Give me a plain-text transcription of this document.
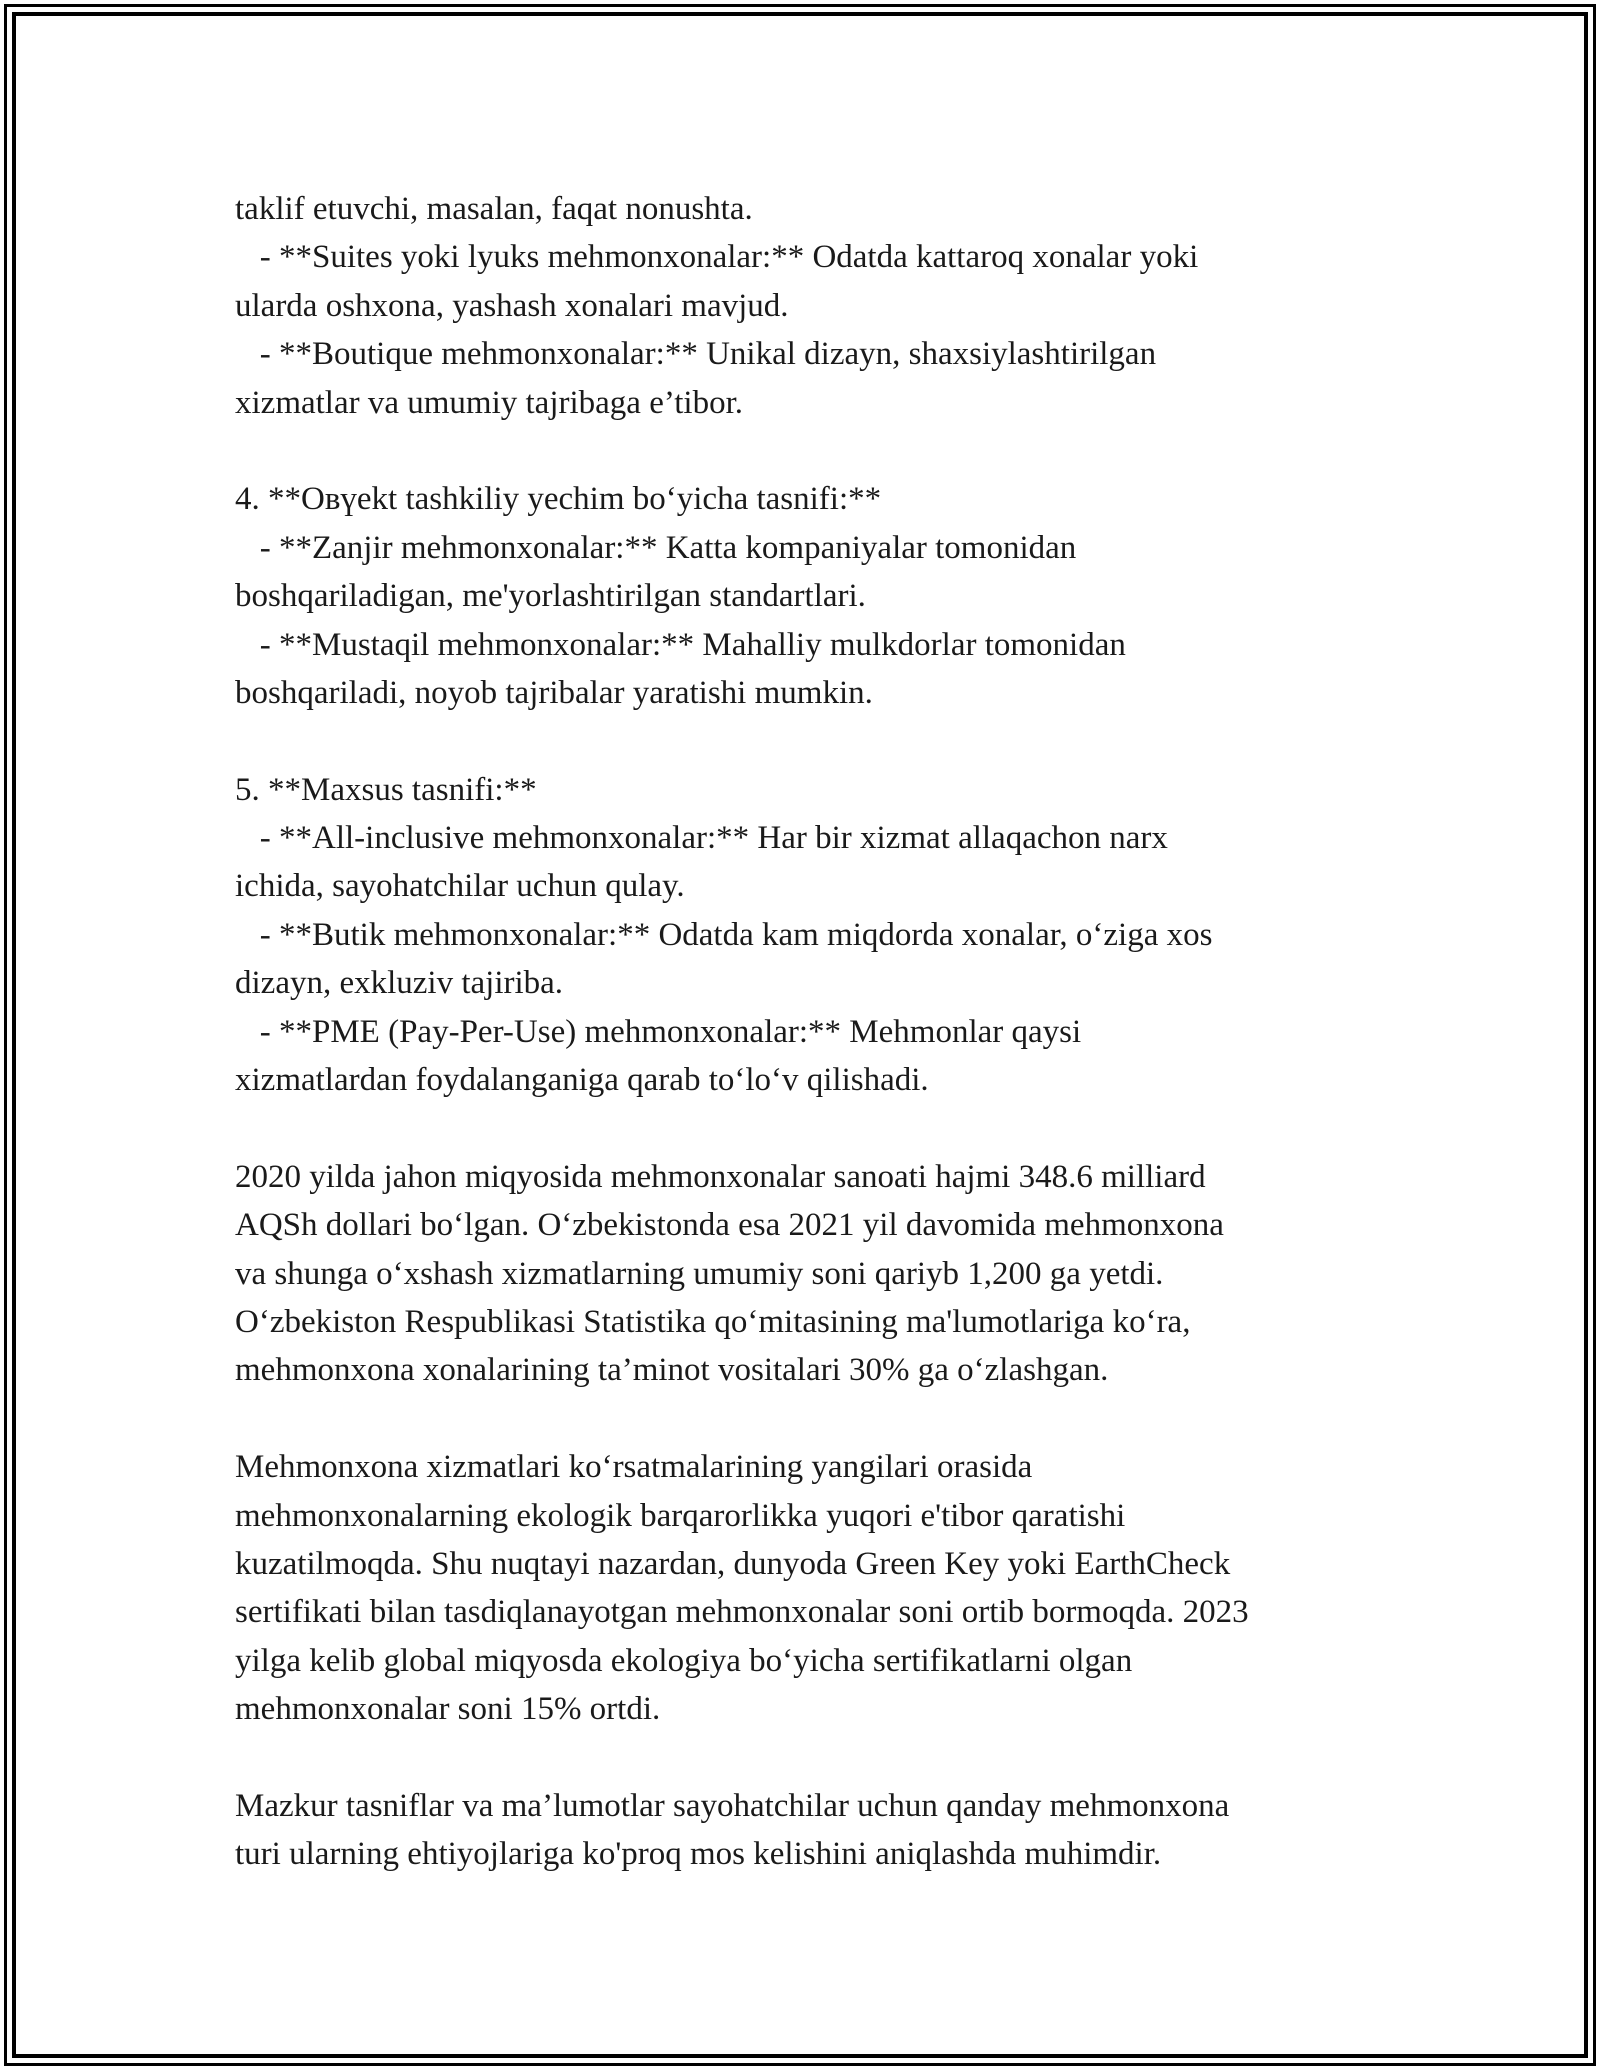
taklif etuvchi, masalan, faqat nonushta.
- **Suites yoki lyuks mehmonxonalar:** Odatda kattaroq xonalar yoki
ularda oshxona, yashash xonalari mavjud.
- **Boutique mehmonxonalar:** Unikal dizayn, shaxsiylashtirilgan
xizmatlar va umumiy tajribaga e’tibor.
4. **Овүekt tashkiliy yechim bo‘yicha tasnifi:**
- **Zanjir mehmonxonalar:** Katta kompaniyalar tomonidan
boshqariladigan, me'yorlashtirilgan standartlari.
- **Mustaqil mehmonxonalar:** Mahalliy mulkdorlar tomonidan
boshqariladi, noyob tajribalar yaratishi mumkin.
5. **Maxsus tasnifi:**
- **All-inclusive mehmonxonalar:** Har bir xizmat allaqachon narx
ichida, sayohatchilar uchun qulay.
- **Butik mehmonxonalar:** Odatda kam miqdorda xonalar, o‘ziga xos
dizayn, exkluziv tajiriba.
- **PME (Pay-Per-Use) mehmonxonalar:** Mehmonlar qaysi
xizmatlardan foydalanganiga qarab to‘lo‘v qilishadi.
2020 yilda jahon miqyosida mehmonxonalar sanoati hajmi 348.6 milliard
AQSh dollari bo‘lgan. O‘zbekistonda esa 2021 yil davomida mehmonxona
va shunga o‘xshash xizmatlarning umumiy soni qariyb 1,200 ga yetdi.
O‘zbekiston Respublikasi Statistika qo‘mitasining ma'lumotlariga ko‘ra,
mehmonxona xonalarining ta’minot vositalari 30% ga o‘zlashgan.
Mehmonxona xizmatlari ko‘rsatmalarining yangilari orasida
mehmonxonalarning ekologik barqarorlikka yuqori e'tibor qaratishi
kuzatilmoqda. Shu nuqtayi nazardan, dunyoda Green Key yoki EarthCheck
sertifikati bilan tasdiqlanayotgan mehmonxonalar soni ortib bormoqda. 2023
yilga kelib global miqyosda ekologiya bo‘yicha sertifikatlarni olgan
mehmonxonalar soni 15% ortdi.
Mazkur tasniflar va ma’lumotlar sayohatchilar uchun qanday mehmonxona
turi ularning ehtiyojlariga ko'proq mos kelishini aniqlashda muhimdir.
